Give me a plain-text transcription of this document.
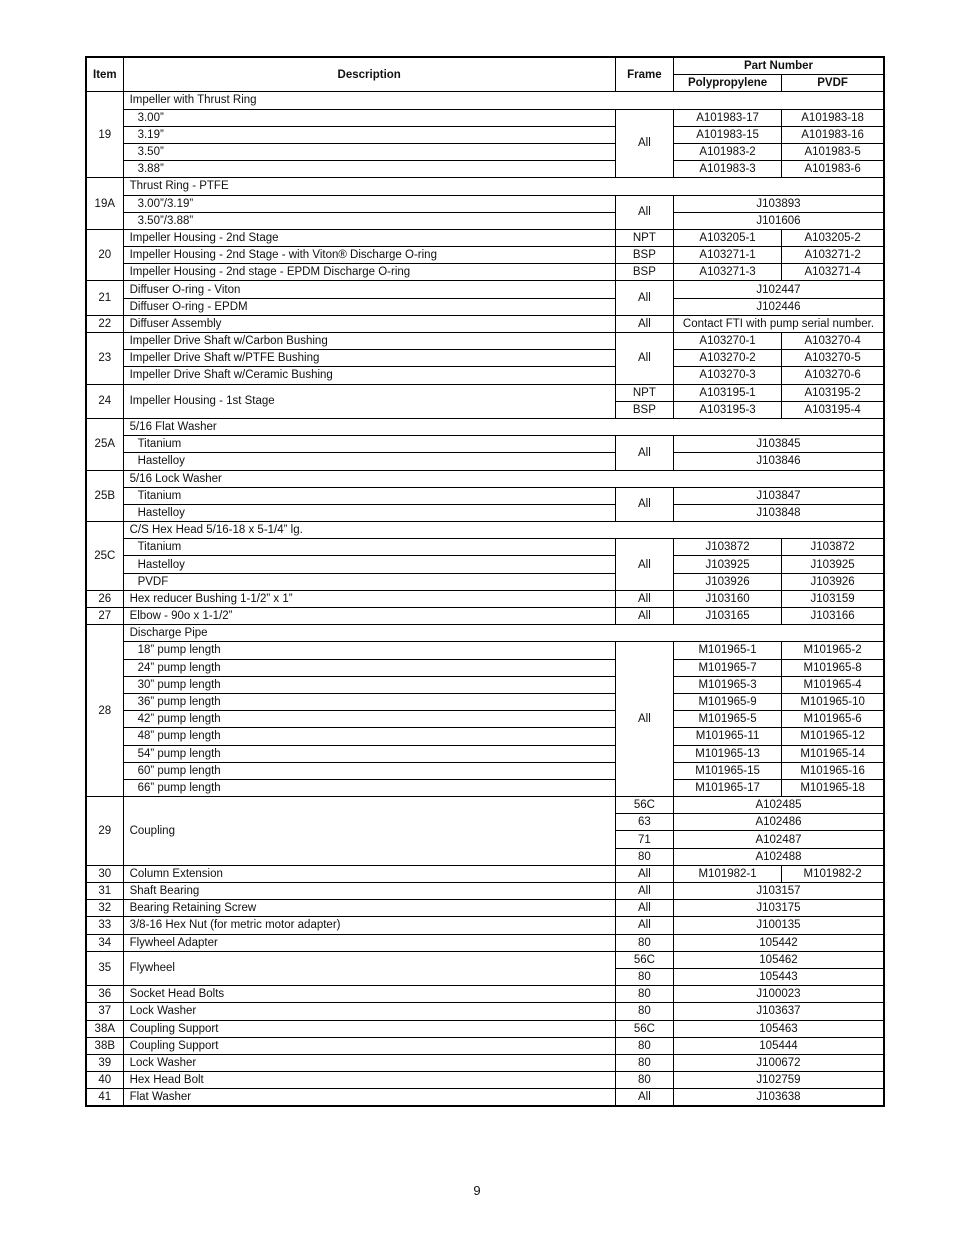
Item	Description	Frame	Part Number	
			Polypropylene	PVDF
19	Impeller with Thrust Ring			
	3.00”	All	A101983-17	A101983-18
	3.19”		A101983-15	A101983-16
	3.50”		A101983-2	A101983-5
	3.88”		A101983-3	A101983-6
19A	Thrust Ring - PTFE			
	3.00”/3.19”	All	J103893	
	3.50”/3.88”		J101606	
20	Impeller Housing - 2nd Stage	NPT	A103205-1	A103205-2
	Impeller Housing - 2nd Stage - with Viton® Discharge O-ring	BSP	A103271-1	A103271-2
	Impeller Housing - 2nd stage - EPDM Discharge O-ring	BSP	A103271-3	A103271-4
21	Diffuser O-ring - Viton	All	J102447	
	Diffuser O-ring - EPDM		J102446	
22	Diffuser Assembly	All	Contact FTI with pump serial number.	
23	Impeller Drive Shaft w/Carbon Bushing	All	A103270-1	A103270-4
	Impeller Drive Shaft w/PTFE Bushing		A103270-2	A103270-5
	Impeller Drive Shaft w/Ceramic Bushing		A103270-3	A103270-6
24	Impeller Housing - 1st Stage	NPT	A103195-1	A103195-2
		BSP	A103195-3	A103195-4
25A	5/16 Flat Washer			
	Titanium	All	J103845	
	Hastelloy		J103846	
25B	5/16 Lock Washer			
	Titanium	All	J103847	
	Hastelloy		J103848	
25C	C/S Hex Head 5/16-18 x 5-1/4” lg.			
	Titanium	All	J103872	J103872
	Hastelloy		J103925	J103925
	PVDF		J103926	J103926
26	Hex reducer Bushing 1-1/2” x 1”	All	J103160	J103159
27	Elbow - 90o x 1-1/2”	All	J103165	J103166
28	Discharge Pipe			
	18” pump length	All	M101965-1	M101965-2
	24” pump length		M101965-7	M101965-8
	30” pump length		M101965-3	M101965-4
	36” pump length		M101965-9	M101965-10
	42” pump length		M101965-5	M101965-6
	48” pump length		M101965-11	M101965-12
	54” pump length		M101965-13	M101965-14
	60” pump length		M101965-15	M101965-16
	66” pump length		M101965-17	M101965-18
29	Coupling	56C	A102485	
		63	A102486	
		71	A102487	
		80	A102488	
30	Column Extension	All	M101982-1	M101982-2
31	Shaft Bearing	All	J103157	
32	Bearing Retaining Screw	All	J103175	
33	3/8-16 Hex Nut (for metric motor adapter)	All	J100135	
34	Flywheel Adapter	80	105442	
35	Flywheel	56C	105462	
		80	105443	
36	Socket Head Bolts	80	J100023	
37	Lock Washer	80	J103637	
38A	Coupling Support	56C	105463	
38B	Coupling Support	80	105444	
39	Lock Washer	80	J100672	
40	Hex Head Bolt	80	J102759	
41	Flat Washer	All	J103638	
9
